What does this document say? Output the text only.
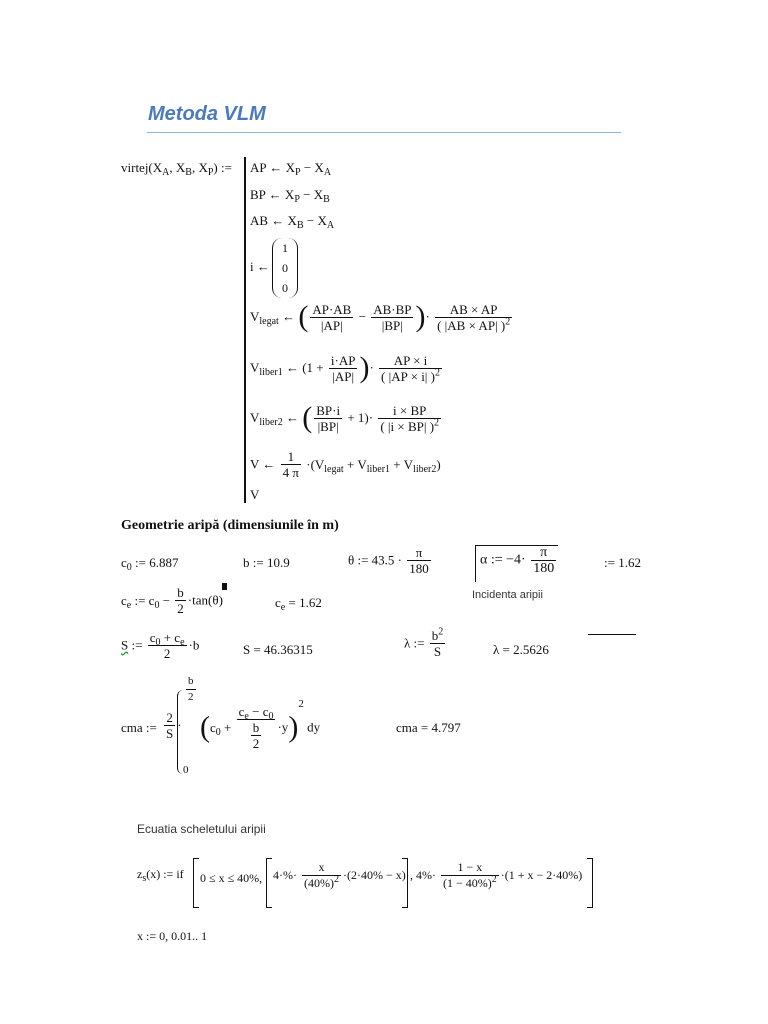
Metoda VLM
$virtej(X_A$, $X_B$, $X_P$) := AP ← $X_P - X_A$
BP ← $X_P - X_B$
AB ← $X_B - X_A$
i ←
1
0
0
$V_{legat}$ ← ( $\frac{AP\cdot AB}{|AP|} - \frac{AB\cdot BP}{|BP|}$ )· $\frac{AB \times AP}{( |AB \times AP| )^2}$
$V_{liber1}$ ← ($1 + \frac{i\cdot AP}{|AP|}$ )· $\frac{AP \times i}{( |AP \times i| )^2}$
$V_{liber2}$ ← ( $\frac{BP\cdot i}{|BP|} + 1)\cdot \frac{i \times BP}{( |i \times BP| )^2}$
V ← $\frac{1}{4 \pi} \cdot(V_{legat} + V_{liber1} + V_{liber2})$
V
Geometrie aripă (dimensiunile în m)
$c_0$ := 6.887	b := 10.9	θ := $43.5 \cdot \frac{\pi}{180}$	α := $-4\cdot \frac{\pi}{180}$	:= 1.62
Incidenta aripii
$c_e$ := $c_0 - \frac{b}{2} \cdot\tan(\theta)$	$c_e = 1.62$
S := $\frac{c_0 + c_e}{2} \cdot b$	S = 46.36315	λ := $\frac{b^2}{S}$	λ = 2.5626
cma := $\frac{2}{S}$ ·
$\frac{b}{2}$
0
$(c_0 + \frac{c_e - c_0}{\frac{b}{2}} \cdot y)^2$ dy	cma = 4.797
Ecuatia scheletului aripii
$z_s(x)$ := if 0 ≤ x ≤ 40%, $4\cdot\%\cdot \frac{x}{(40\%)^2} \cdot(2\cdot 40\% - x)$ , $4\%\cdot \frac{1 - x}{(1 - 40\%)^2} \cdot(1 + x - 2\cdot 40\%)$
x := 0, 0.01.. 1
